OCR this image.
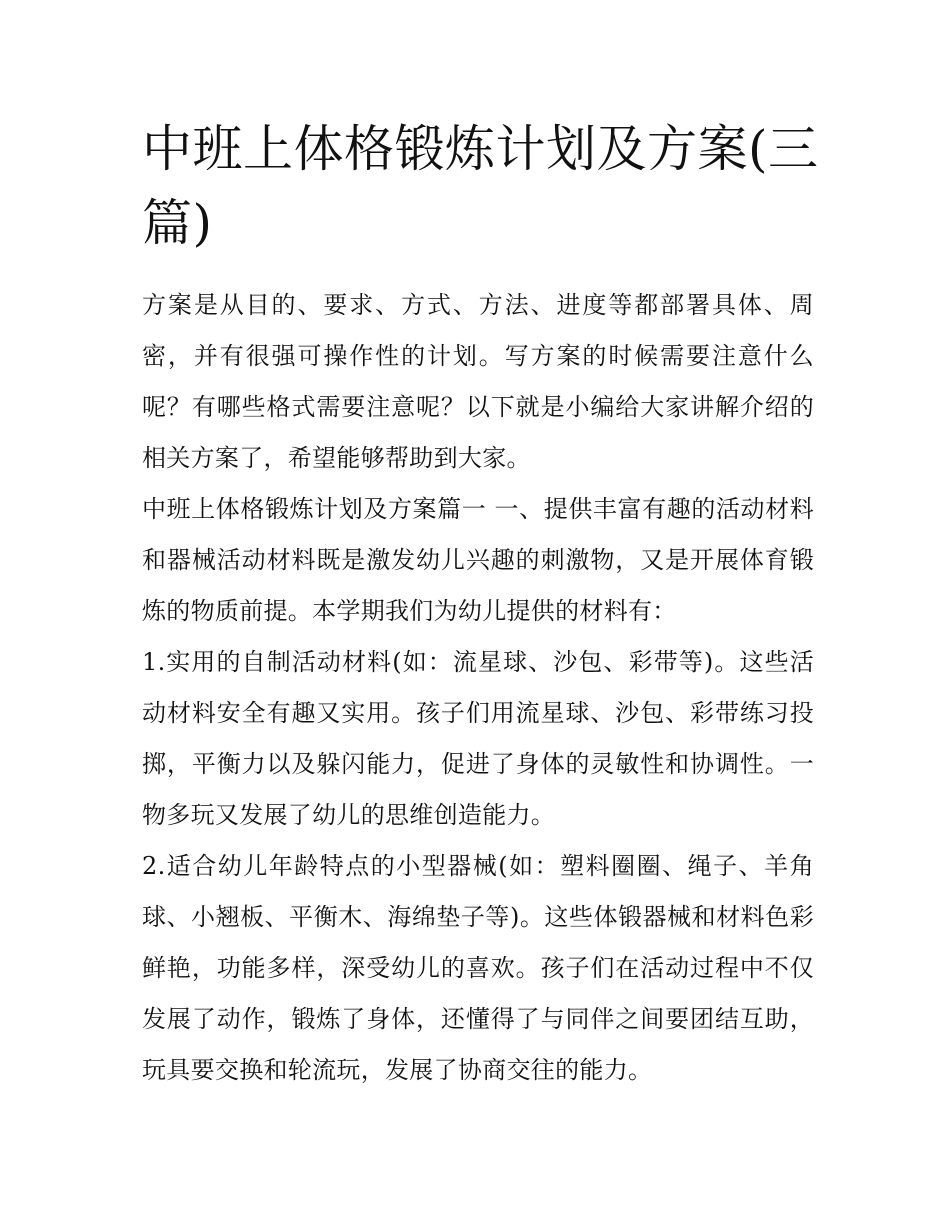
中班上体格锻炼计划及方案(三篇)

方案是从目的、要求、方式、方法、进度等都部署具体、周密，并有很强可操作性的计划。写方案的时候需要注意什么呢？有哪些格式需要注意呢？以下就是小编给大家讲解介绍的相关方案了，希望能够帮助到大家。

中班上体格锻炼计划及方案篇一 一、提供丰富有趣的活动材料和器械活动材料既是激发幼儿兴趣的刺激物，又是开展体育锻炼的物质前提。本学期我们为幼儿提供的材料有：

1.实用的自制活动材料(如：流星球、沙包、彩带等)。这些活动材料安全有趣又实用。孩子们用流星球、沙包、彩带练习投掷，平衡力以及躲闪能力，促进了身体的灵敏性和协调性。一物多玩又发展了幼儿的思维创造能力。

2.适合幼儿年龄特点的小型器械(如：塑料圈圈、绳子、羊角球、小翘板、平衡木、海绵垫子等)。这些体锻器械和材料色彩鲜艳，功能多样，深受幼儿的喜欢。孩子们在活动过程中不仅发展了动作，锻炼了身体，还懂得了与同伴之间要团结互助，玩具要交换和轮流玩，发展了协商交往的能力。
